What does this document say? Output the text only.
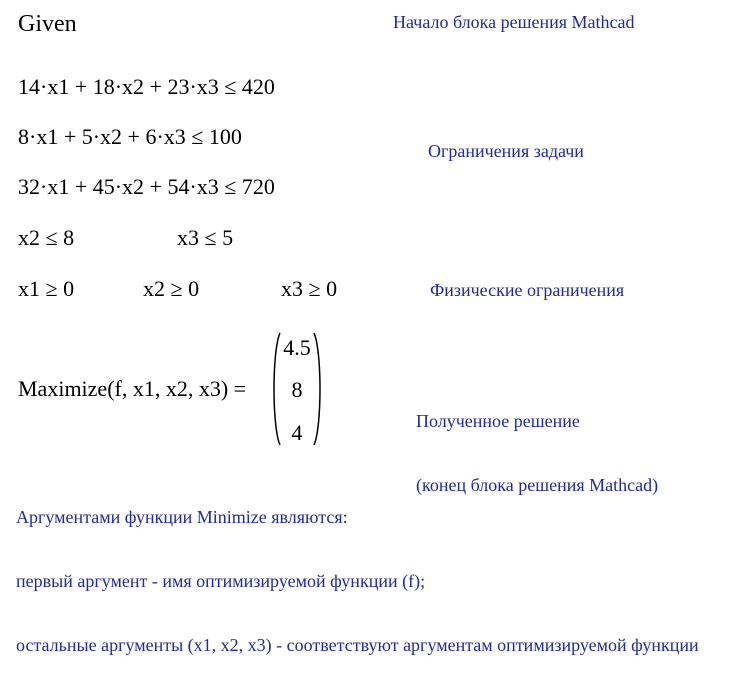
Given	Начало блока решения Mathcad
14·x1 + 18·x2 + 23·x3 ≤ 420
8·x1 + 5·x2 + 6·x3 ≤ 100
Ограничения задачи
32·x1 + 45·x2 + 54·x3 ≤ 720
x2 ≤ 8	x3 ≤ 5
x1 ≥ 0	x2 ≥ 0	x3 ≥ 0	Физические ограничения
Maximize(f, x1, x2, x3) =
4.5
8
4

	Полученное решение

(конец блока решения Mathcad)

Аргументами функции Minimize являются:

первый аргумент - имя оптимизируемой функции (f);

остальные аргументы (x1, x2, x3) - соответствуют аргументам оптимизируемой функции
